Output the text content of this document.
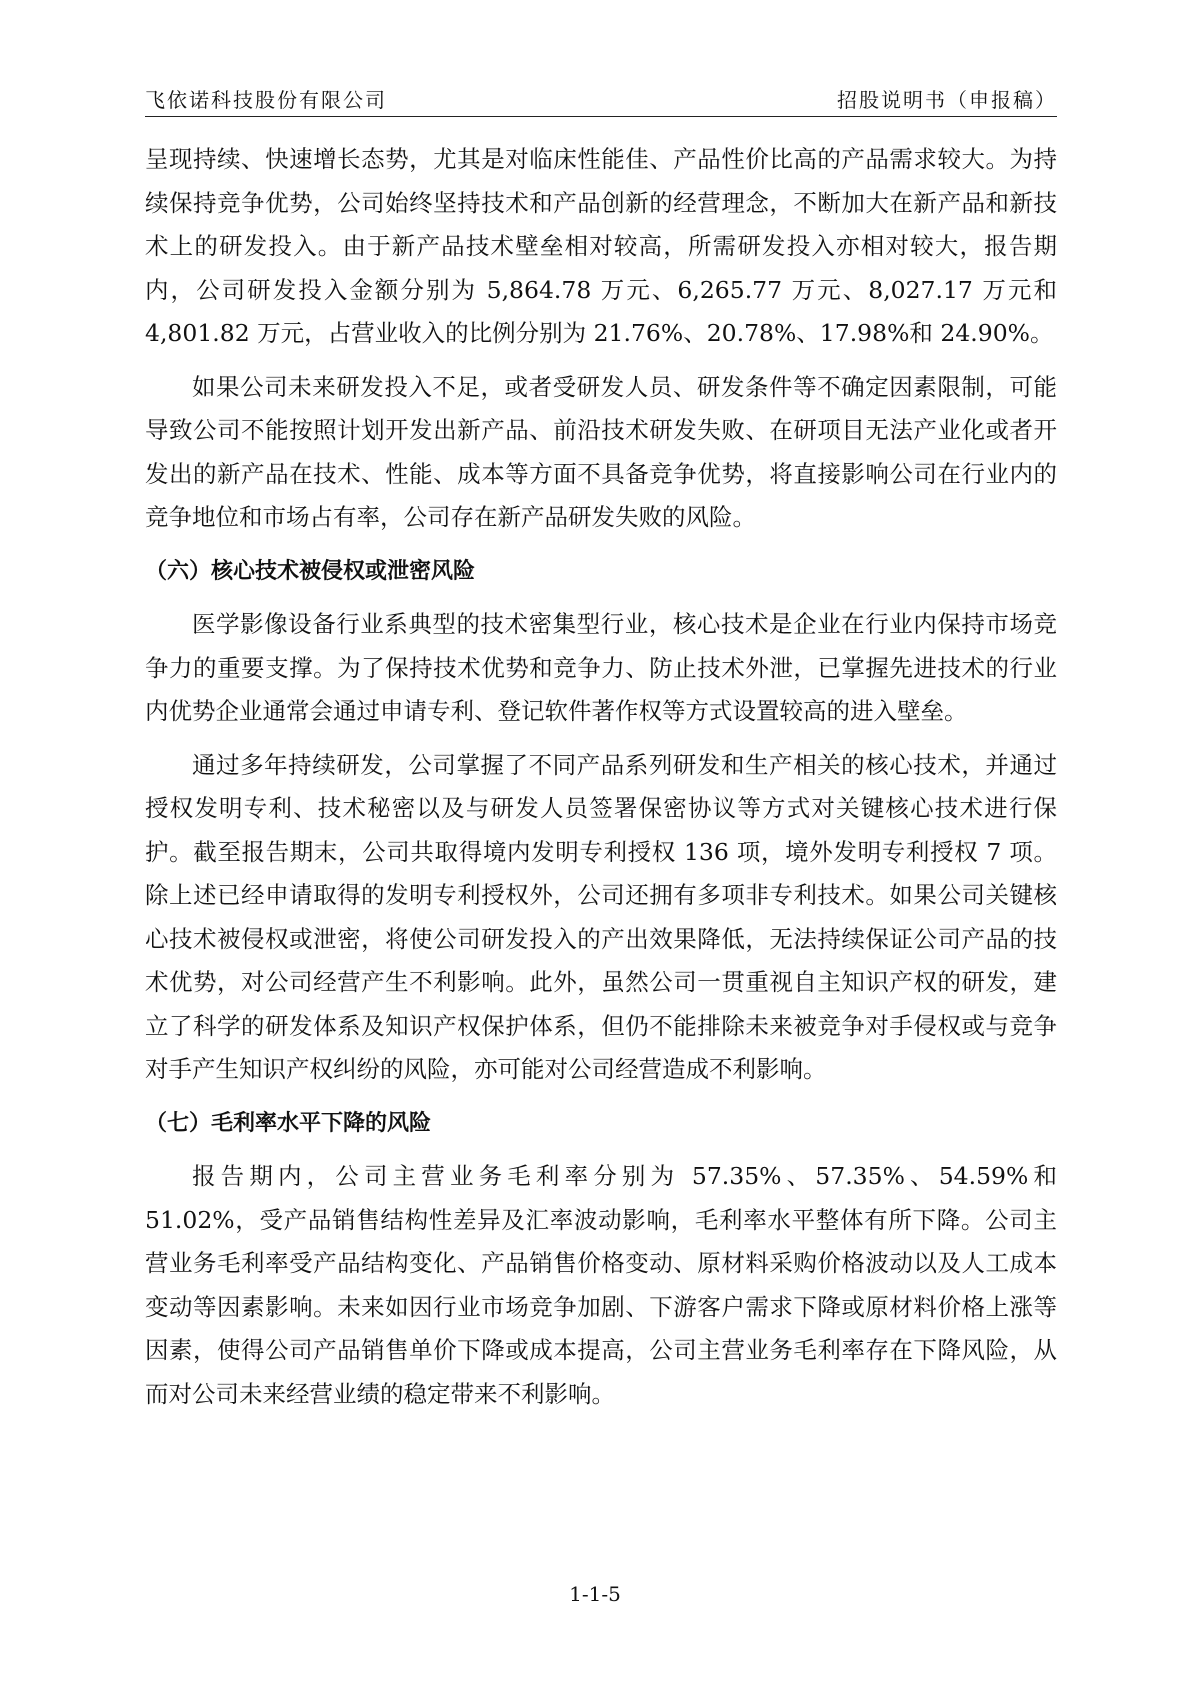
飞依诺科技股份有限公司	招股说明书（申报稿）

呈现持续、快速增长态势，尤其是对临床性能佳、产品性价比高的产品需求较大。为持续保持竞争优势，公司始终坚持技术和产品创新的经营理念，不断加大在新产品和新技术上的研发投入。由于新产品技术壁垒相对较高，所需研发投入亦相对较大，报告期内，公司研发投入金额分别为 5,864.78 万元、6,265.77 万元、8,027.17 万元和 4,801.82 万元，占营业收入的比例分别为 21.76%、20.78%、17.98%和 24.90%。

如果公司未来研发投入不足，或者受研发人员、研发条件等不确定因素限制，可能导致公司不能按照计划开发出新产品、前沿技术研发失败、在研项目无法产业化或者开发出的新产品在技术、性能、成本等方面不具备竞争优势，将直接影响公司在行业内的竞争地位和市场占有率，公司存在新产品研发失败的风险。

（六）核心技术被侵权或泄密风险

医学影像设备行业系典型的技术密集型行业，核心技术是企业在行业内保持市场竞争力的重要支撑。为了保持技术优势和竞争力、防止技术外泄，已掌握先进技术的行业内优势企业通常会通过申请专利、登记软件著作权等方式设置较高的进入壁垒。

通过多年持续研发，公司掌握了不同产品系列研发和生产相关的核心技术，并通过授权发明专利、技术秘密以及与研发人员签署保密协议等方式对关键核心技术进行保护。截至报告期末，公司共取得境内发明专利授权 136 项，境外发明专利授权 7 项。除上述已经申请取得的发明专利授权外，公司还拥有多项非专利技术。如果公司关键核心技术被侵权或泄密，将使公司研发投入的产出效果降低，无法持续保证公司产品的技术优势，对公司经营产生不利影响。此外，虽然公司一贯重视自主知识产权的研发，建立了科学的研发体系及知识产权保护体系，但仍不能排除未来被竞争对手侵权或与竞争对手产生知识产权纠纷的风险，亦可能对公司经营造成不利影响。

（七）毛利率水平下降的风险

报告期内，公司主营业务毛利率分别为 57.35%、57.35%、54.59%和 51.02%，受产品销售结构性差异及汇率波动影响，毛利率水平整体有所下降。公司主营业务毛利率受产品结构变化、产品销售价格变动、原材料采购价格波动以及人工成本变动等因素影响。未来如因行业市场竞争加剧、下游客户需求下降或原材料价格上涨等因素，使得公司产品销售单价下降或成本提高，公司主营业务毛利率存在下降风险，从而对公司未来经营业绩的稳定带来不利影响。

1-1-5
